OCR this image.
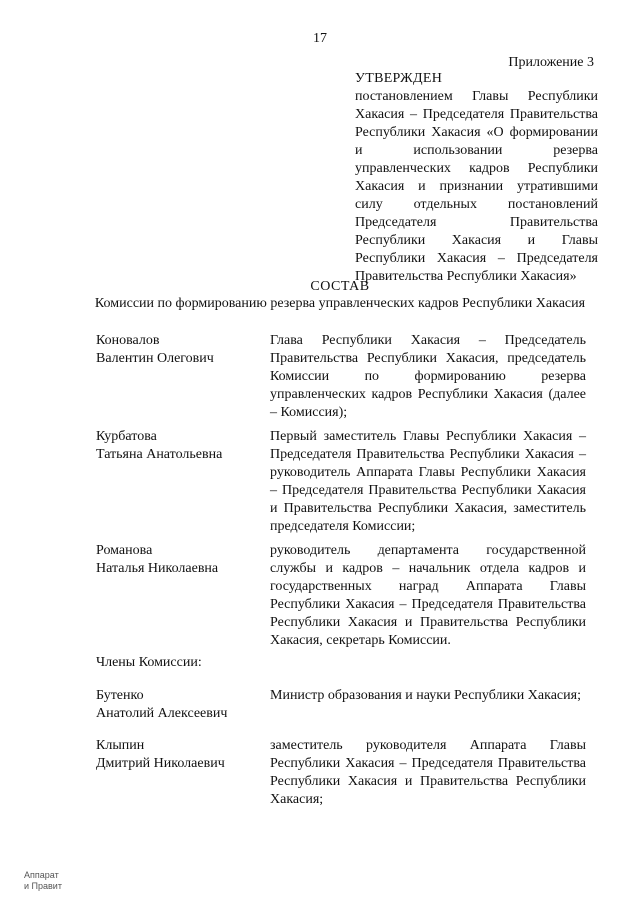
17
Приложение 3
УТВЕРЖДЕН
постановлением Главы Республики Хакасия – Председателя Правительства Республики Хакасия «О формировании и использовании резерва управленческих кадров Республики Хакасия и признании утратившими силу отдельных постановлений Председателя Правительства Республики Хакасия и Главы Республики Хакасия – Председателя Правительства Республики Хакасия»
СОСТАВ
Комиссии по формированию резерва управленческих кадров Республики Хакасия
Коновалов
Валентин Олегович
Глава Республики Хакасия – Председатель Правительства Республики Хакасия, председатель Комиссии по формированию резерва управленческих кадров Республики Хакасия (далее – Комиссия);
Курбатова
Татьяна Анатольевна
Первый заместитель Главы Республики Хакасия – Председателя Правительства Республики Хакасия – руководитель Аппарата Главы Республики Хакасия – Председателя Правительства Республики Хакасия и Правительства Республики Хакасия, заместитель председателя Комиссии;
Романова
Наталья Николаевна
руководитель департамента государственной службы и кадров – начальник отдела кадров и государственных наград Аппарата Главы Республики Хакасия – Председателя Правительства Республики Хакасия и Правительства Республики Хакасия, секретарь Комиссии.
Члены Комиссии:
Бутенко
Анатолий Алексеевич
Министр образования и науки Республики Хакасия;
Клыпин
Дмитрий Николаевич
заместитель руководителя Аппарата Главы Республики Хакасия – Председателя Правительства Республики Хакасия и Правительства Республики Хакасия;
Аппарат
и Правит
